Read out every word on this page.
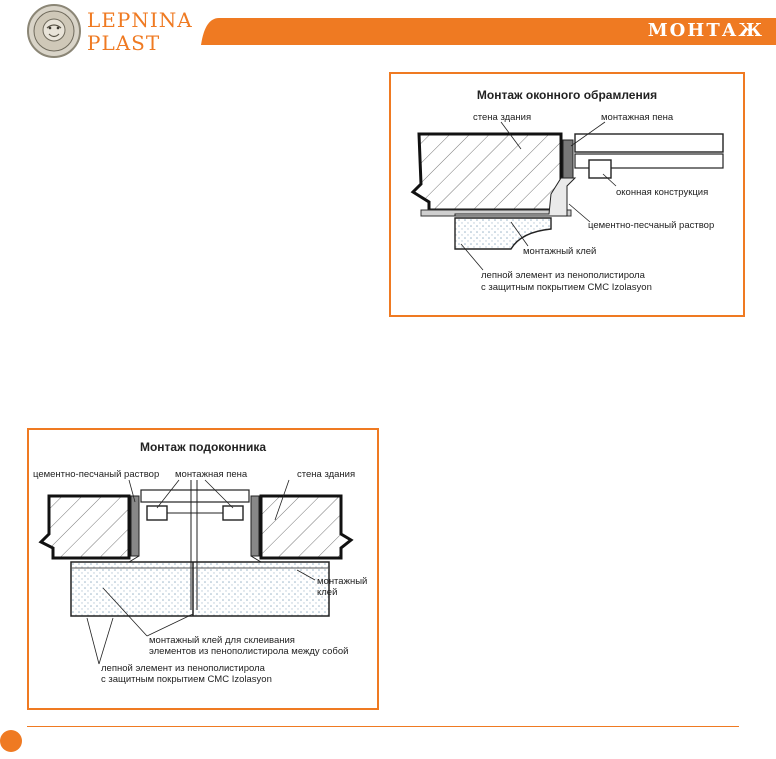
LEPNINA
PLAST
МОНТАЖ
Монтаж оконного обрамления
стена здания	монтажная пена
оконная конструкция
цементно-песчаный раствор
монтажный клей
лепной элемент из пенополистирола
с защитным покрытием СМС Izolasyon
Монтаж подоконника
цементно-песчаный раствор монтажная пена	стена здания
монтажный
клей
монтажный клей для склеивания
элементов из пенополистирола между собой
лепной элемент из пенополистирола
с защитным покрытием СМС Izolasyon
